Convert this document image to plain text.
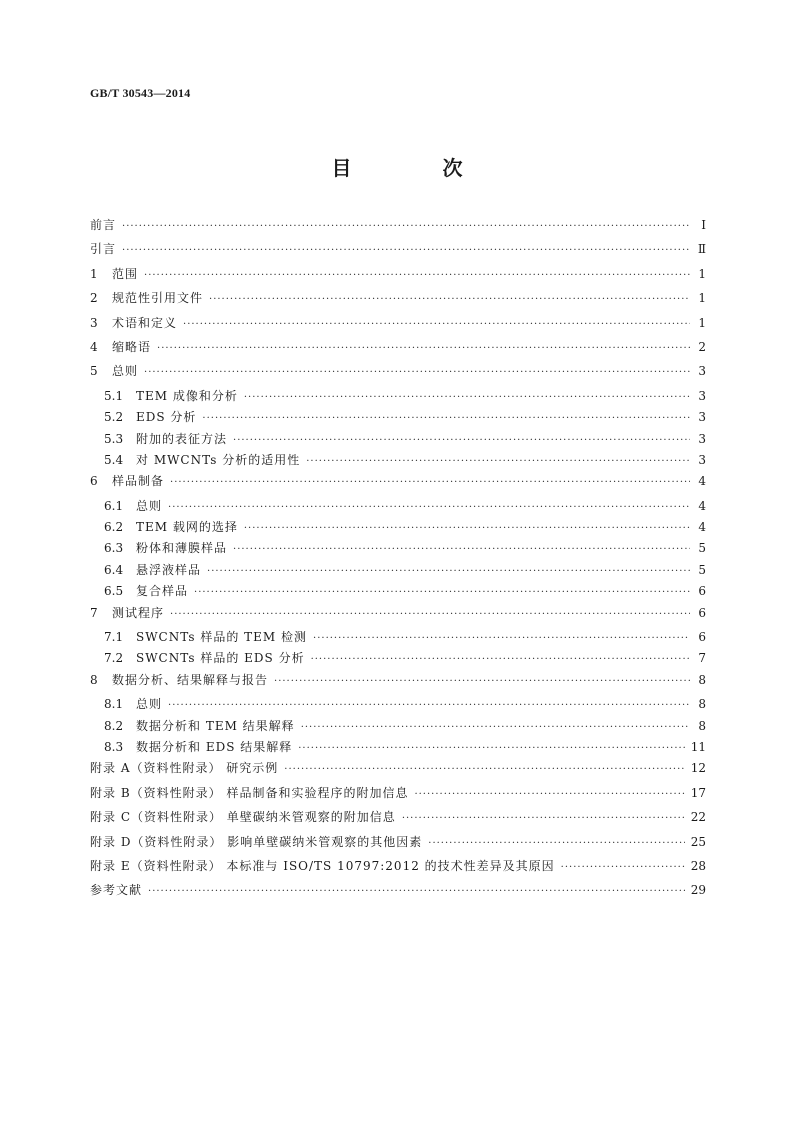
GB/T 30543—2014
目 次
前言 ·····	Ⅰ
引言 ·····	Ⅱ
1	范围 ·····	1
2	规范性引用文件 ·····	1
3	术语和定义 ·····	1
4	缩略语 ·····	2
5	总则 ·····	3
5.1	TEM 成像和分析 ·····	3
5.2	EDS 分析 ·····	3
5.3	附加的表征方法 ·····	3
5.4	对 MWCNTs 分析的适用性 ·····	3
6	样品制备 ·····	4
6.1	总则 ·····	4
6.2	TEM 载网的选择 ·····	4
6.3	粉体和薄膜样品 ·····	5
6.4	悬浮液样品 ·····	5
6.5	复合样品 ·····	6
7	测试程序 ·····	6
7.1	SWCNTs 样品的 TEM 检测 ·····	6
7.2	SWCNTs 样品的 EDS 分析 ·····	7
8	数据分析、结果解释与报告 ·····	8
8.1	总则 ·····	8
8.2	数据分析和 TEM 结果解释 ·····	8
8.3	数据分析和 EDS 结果解释 ·····	11
附录 A（资料性附录） 研究示例 ·····	12
附录 B（资料性附录） 样品制备和实验程序的附加信息 ·····	17
附录 C（资料性附录） 单壁碳纳米管观察的附加信息 ·····	22
附录 D（资料性附录） 影响单壁碳纳米管观察的其他因素 ·····	25
附录 E（资料性附录） 本标准与 ISO/TS 10797:2012 的技术性差异及其原因 ·····	28
参考文献 ·····	29
